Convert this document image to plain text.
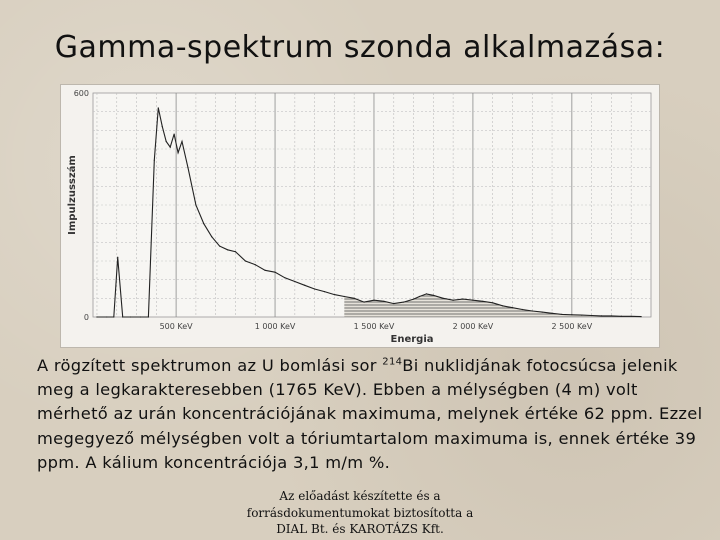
Gamma-spektrum szonda alkalmazása:
600
0
500 KeV	1 000 KeV	1 500 KeV	2 000 KeV	2 500 KeV
Impulzusszám
Energia
A rögzített spektrumon az U bomlási sor $^{214}$Bi nuklidjának fotocsúcsa jelenik meg a legkarakteresebben (1765 KeV). Ebben a mélységben (4 m) volt mérhető az urán koncentrációjának maximuma, melynek értéke 62 ppm. Ezzel megegyező mélységben volt a tóriumtartalom maximuma is, ennek értéke 39 ppm. A kálium koncentrációja 3,1 m/m %.
Az előadást készítette és a
forrásdokumentumokat biztosította a
DIAL Bt. és KAROTÁZS Kft.
